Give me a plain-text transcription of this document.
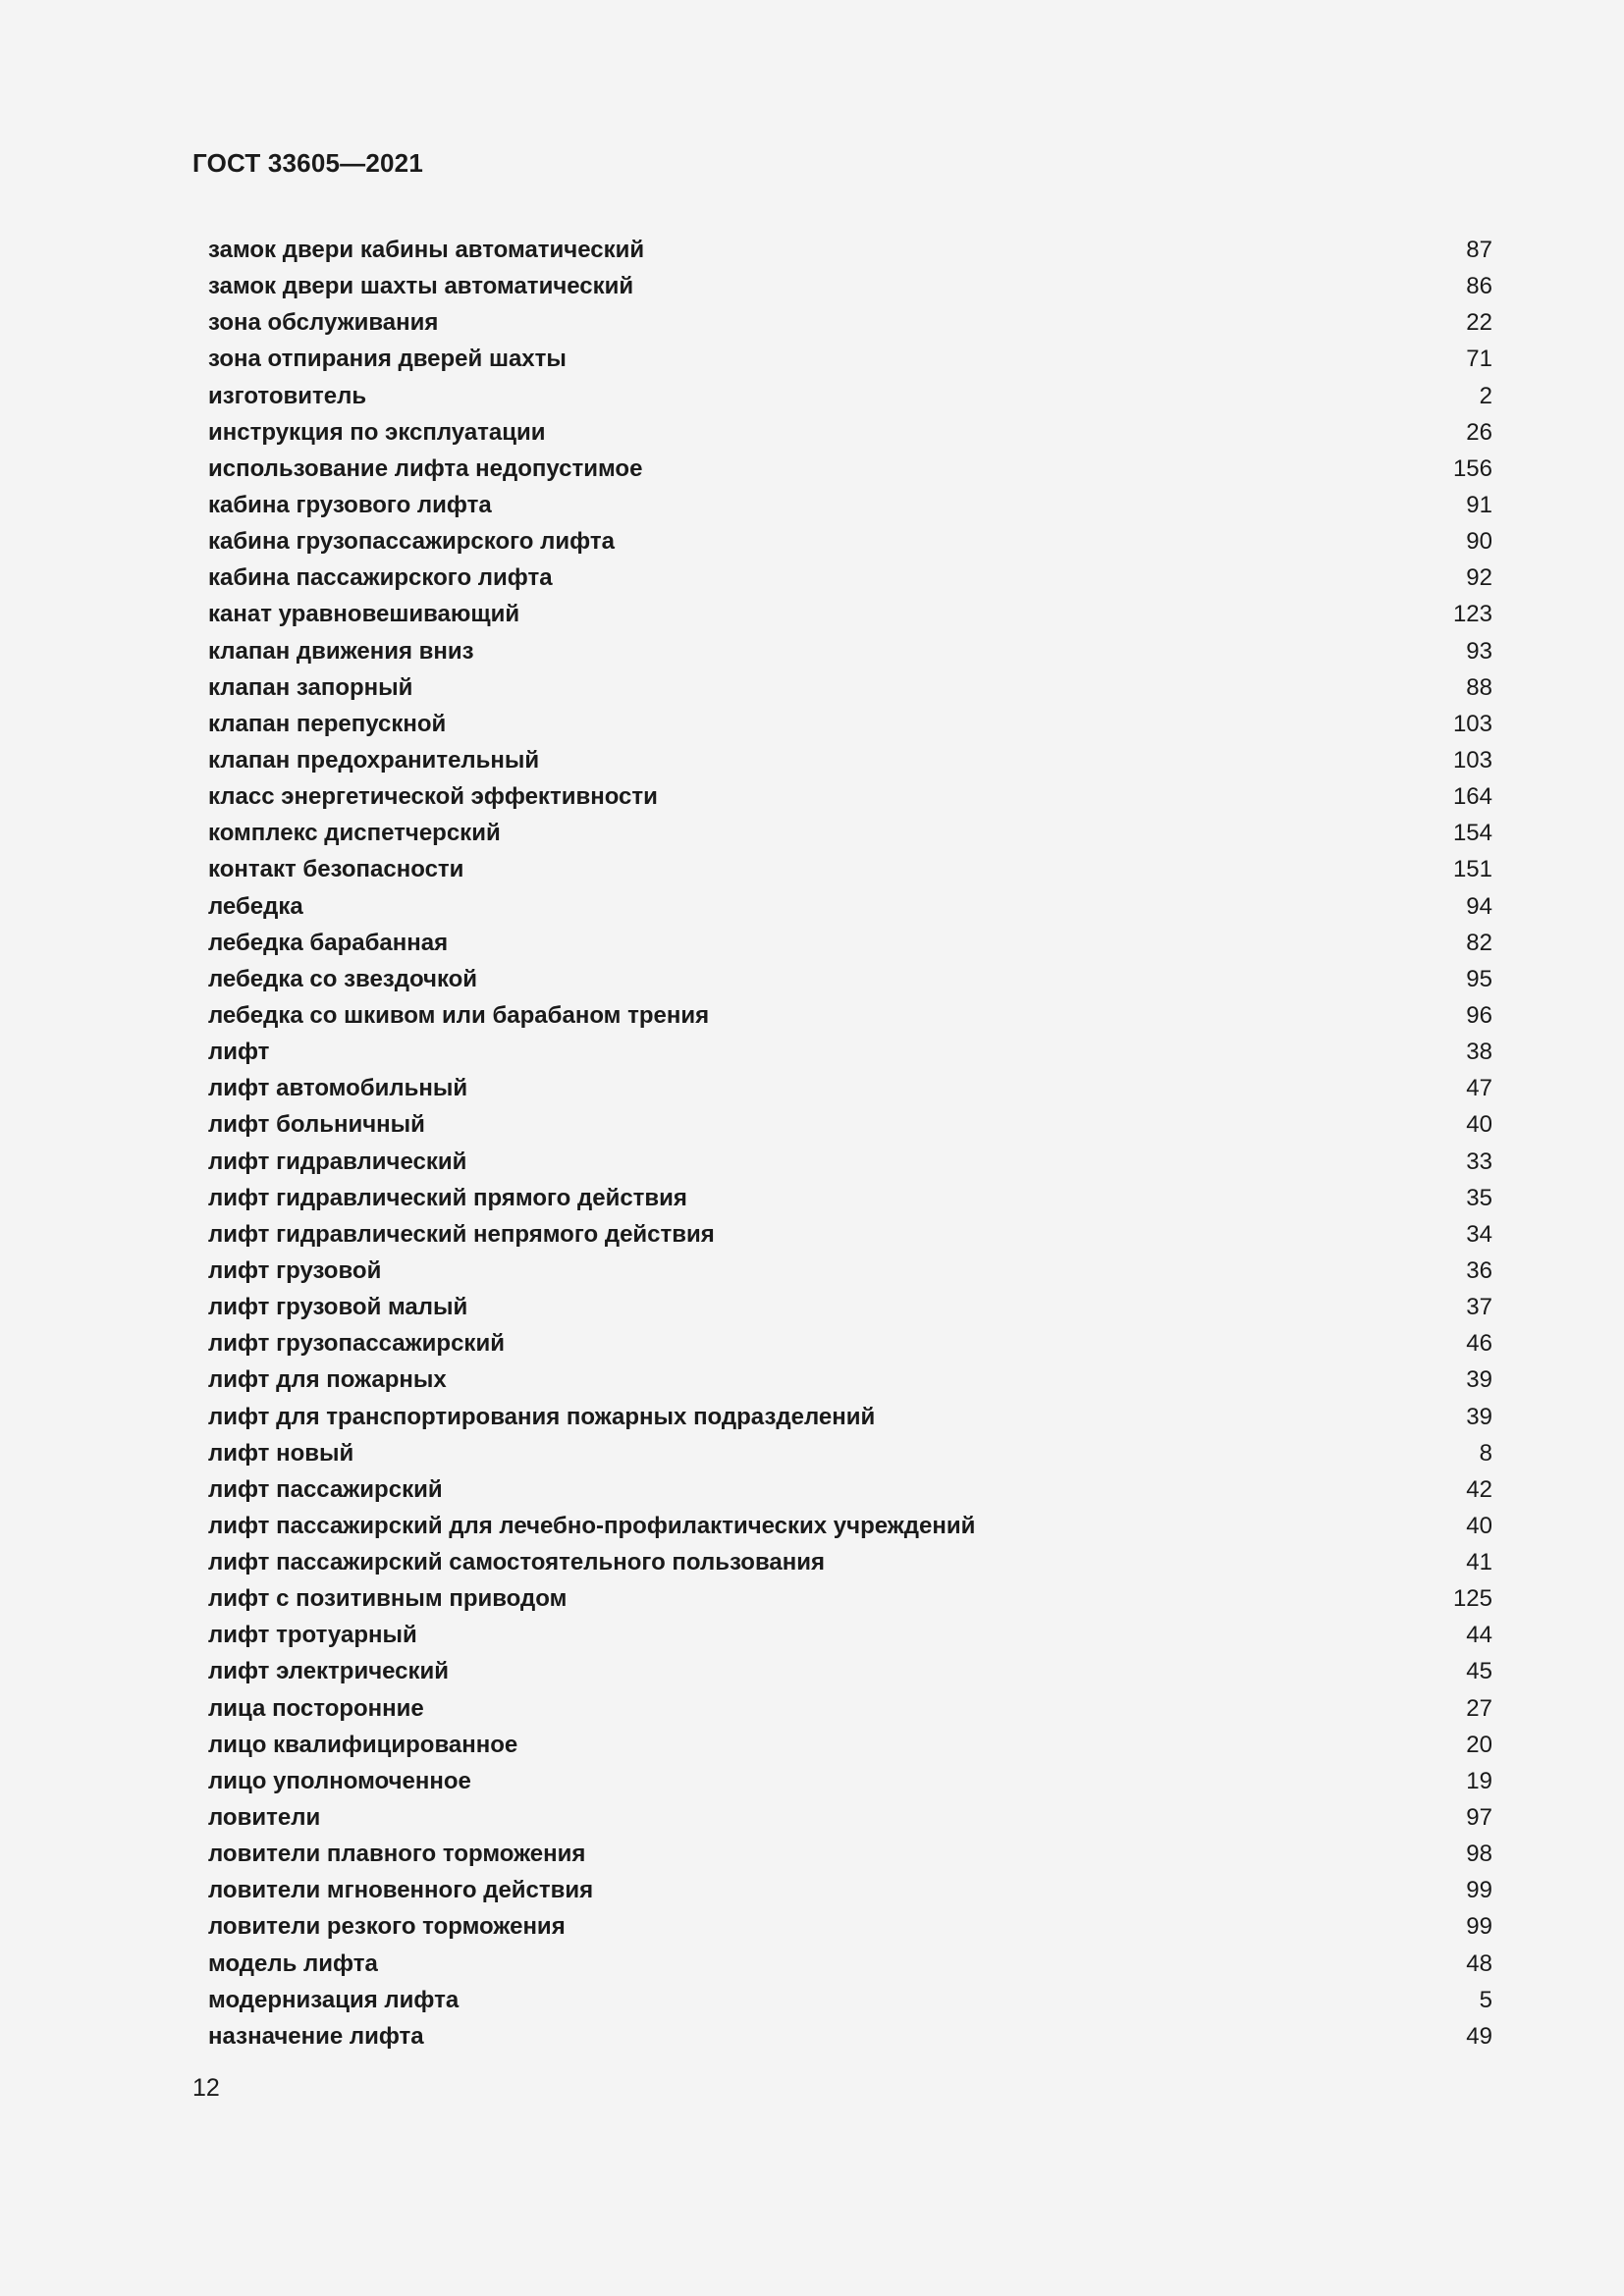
ГОСТ 33605—2021
замок двери кабины автоматический	87
замок двери шахты автоматический	86
зона обслуживания	22
зона отпирания дверей шахты	71
изготовитель	2
инструкция по эксплуатации	26
использование лифта недопустимое	156
кабина грузового лифта	91
кабина грузопассажирского лифта	90
кабина пассажирского лифта	92
канат уравновешивающий	123
клапан движения вниз	93
клапан запорный	88
клапан перепускной	103
клапан предохранительный	103
класс энергетической эффективности	164
комплекс диспетчерский	154
контакт безопасности	151
лебедка	94
лебедка барабанная	82
лебедка со звездочкой	95
лебедка со шкивом или барабаном трения	96
лифт	38
лифт автомобильный	47
лифт больничный	40
лифт гидравлический	33
лифт гидравлический прямого действия	35
лифт гидравлический непрямого действия	34
лифт грузовой	36
лифт грузовой малый	37
лифт грузопассажирский	46
лифт для пожарных	39
лифт для транспортирования пожарных подразделений	39
лифт новый	8
лифт пассажирский	42
лифт пассажирский для лечебно-профилактических учреждений	40
лифт пассажирский самостоятельного пользования	41
лифт с позитивным приводом	125
лифт тротуарный	44
лифт электрический	45
лица посторонние	27
лицо квалифицированное	20
лицо уполномоченное	19
ловители	97
ловители плавного торможения	98
ловители мгновенного действия	99
ловители резкого торможения	99
модель лифта	48
модернизация лифта	5
назначение лифта	49
12
